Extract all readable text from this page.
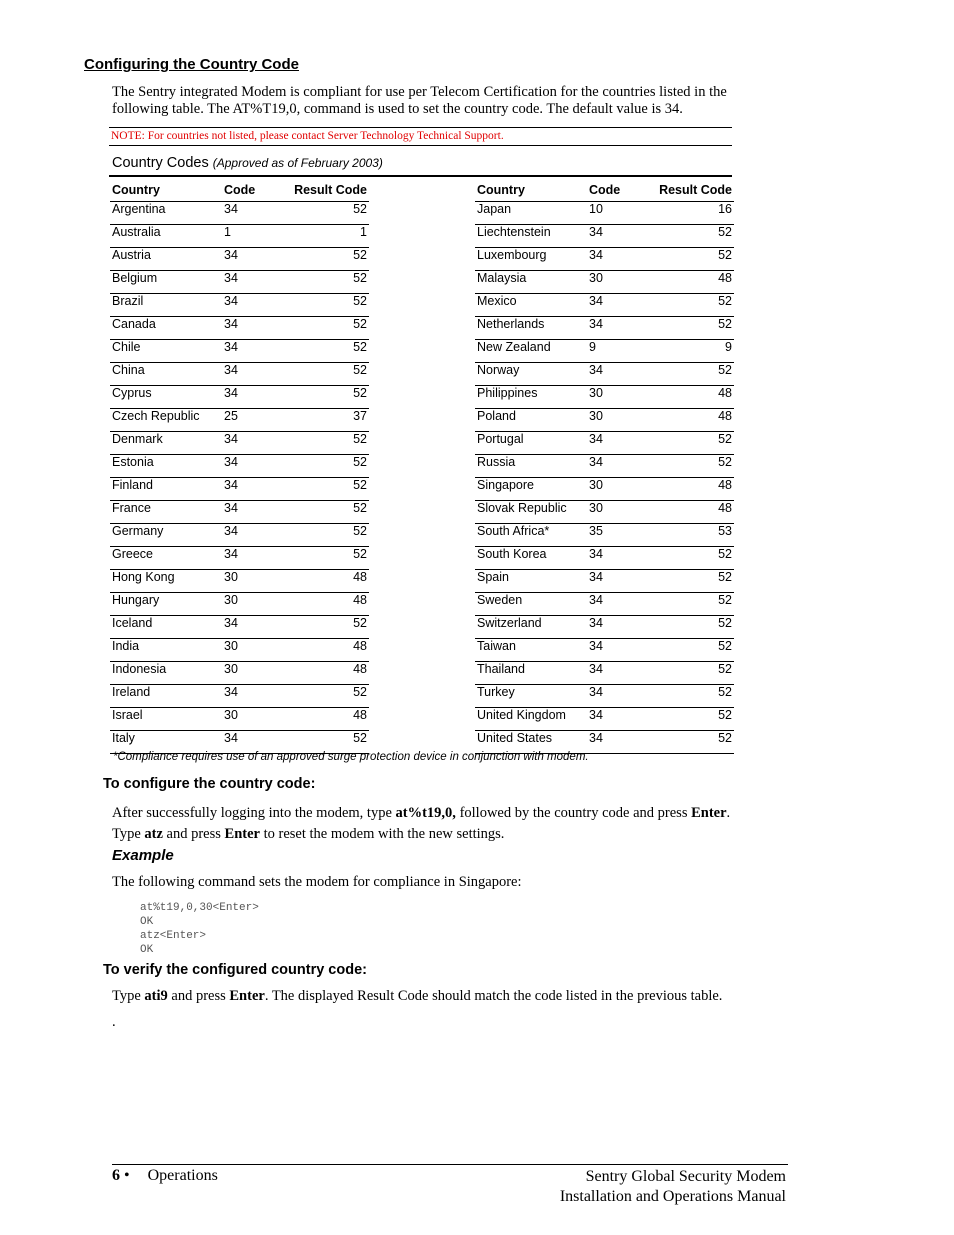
Configuring the Country Code
The Sentry integrated Modem is compliant for use per Telecom Certification for the countries listed in the following table. The AT%T19,0, command is used to set the country code. The default value is 34.
NOTE: For countries not listed, please contact Server Technology Technical Support.
Country Codes (Approved as of February 2003)
Country	Code	Result Code
Argentina	34	52
Australia	1	1
Austria	34	52
Belgium	34	52
Brazil	34	52
Canada	34	52
Chile	34	52
China	34	52
Cyprus	34	52
Czech Republic	25	37
Denmark	34	52
Estonia	34	52
Finland	34	52
France	34	52
Germany	34	52
Greece	34	52
Hong Kong	30	48
Hungary	30	48
Iceland	34	52
India	30	48
Indonesia	30	48
Ireland	34	52
Israel	30	48
Italy	34	52
Country	Code	Result Code
Japan	10	16
Liechtenstein	34	52
Luxembourg	34	52
Malaysia	30	48
Mexico	34	52
Netherlands	34	52
New Zealand	9	9
Norway	34	52
Philippines	30	48
Poland	30	48
Portugal	34	52
Russia	34	52
Singapore	30	48
Slovak Republic	30	48
South Africa*	35	53
South Korea	34	52
Spain	34	52
Sweden	34	52
Switzerland	34	52
Taiwan	34	52
Thailand	34	52
Turkey	34	52
United Kingdom	34	52
United States	34	52
*Compliance requires use of an approved surge protection device in conjunction with modem.
To configure the country code:
After successfully logging into the modem, type at%t19,0, followed by the country code and press Enter.
Type atz and press Enter to reset the modem with the new settings.
Example
The following command sets the modem for compliance in Singapore:
at%t19,0,30<Enter>
OK
atz<Enter>
OK
To verify the configured country code:
Type ati9 and press Enter. The displayed Result Code should match the code listed in the previous table.
.
6 • Operations	Sentry Global Security Modem
Installation and Operations Manual
